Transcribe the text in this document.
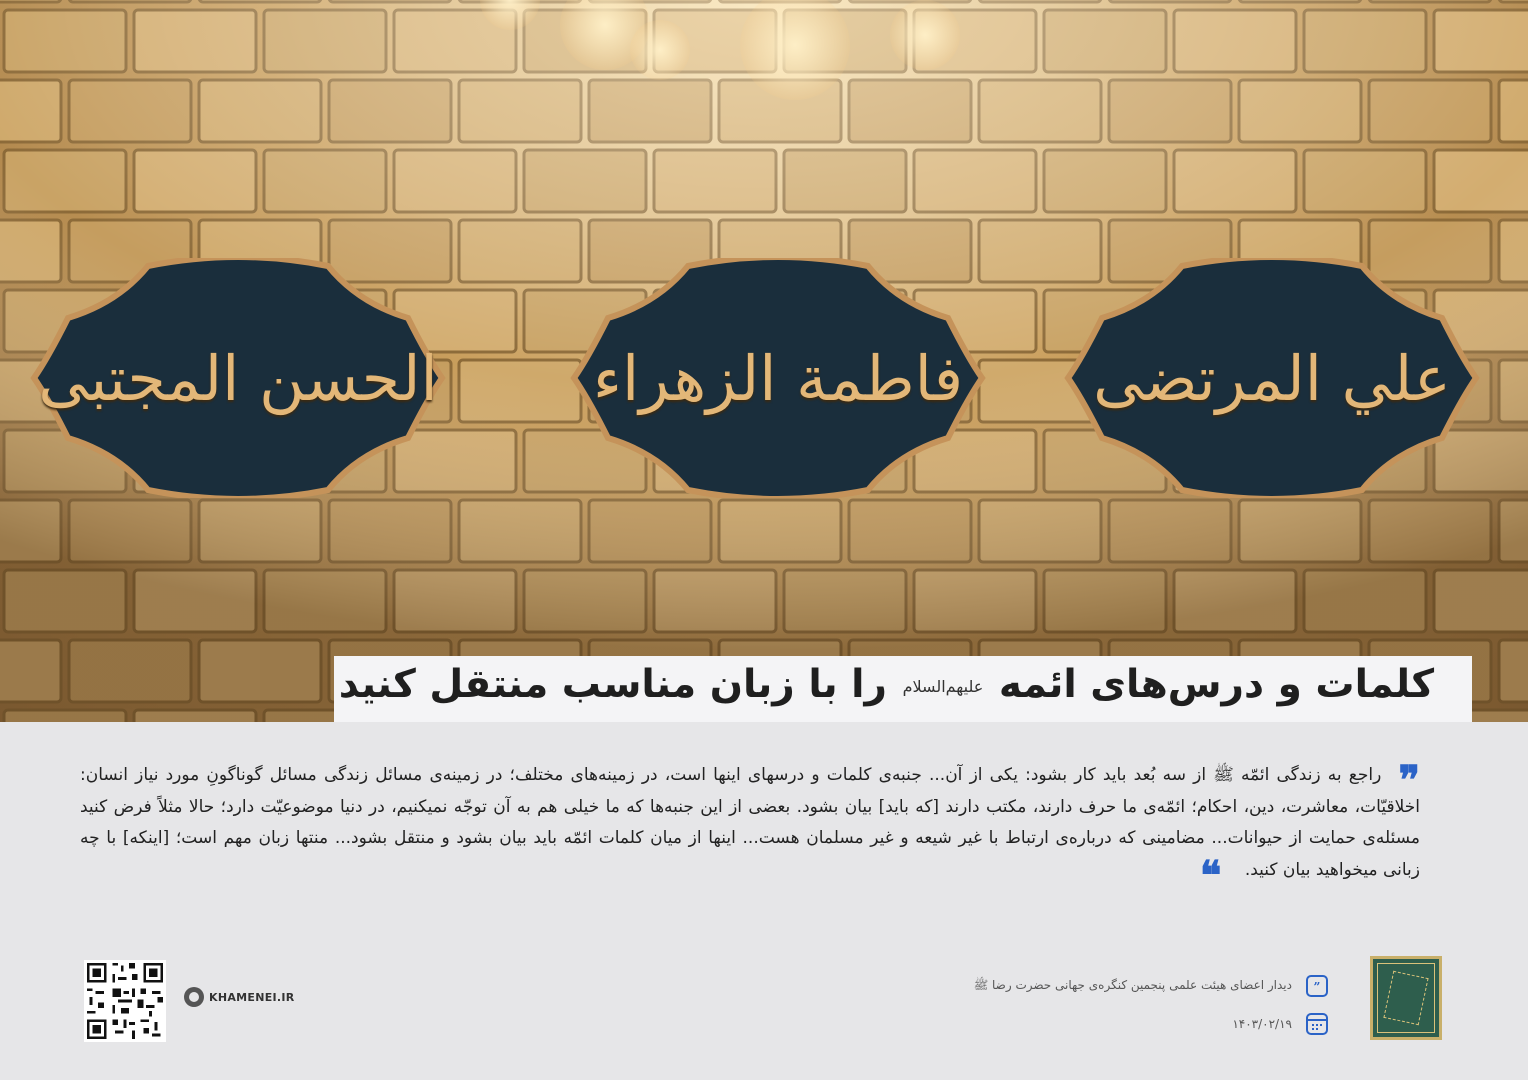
الحسن المجتبى	فاطمة الزهراء	علي المرتضى
کلمات و درس‌های ائمه علیهم‌السلام را با زبان مناسب منتقل کنید
❞ راجع به زندگی ائمّه ﷺ از سه بُعد باید کار بشود: یکی از آن... جنبه‌ی کلمات و درسهای اینها است، در زمینه‌های مختلف؛ در زمینه‌ی مسائل زندگی مسائل گوناگونِ مورد نیاز انسان: اخلاقیّات، معاشرت، دین، احکام؛ ائمّه‌ی ما حرف دارند، مکتب دارند [که باید] بیان بشود. بعضی از این جنبه‌ها که ما خیلی هم به آن توجّه نمیکنیم، در دنیا موضوعیّت دارد؛ حالا مثلاً فرض کنید مسئله‌ی حمایت از حیوانات... مضامینی که درباره‌ی ارتباط با غیر شیعه و غیر مسلمان هست... اینها از میان کلمات ائمّه باید بیان بشود و منتقل بشود... منتها زبان مهم است؛ [اینکه] با چه زبانی میخواهید بیان کنید. ❝
”
دیدار اعضای هیئت علمی پنجمین کنگره‌ی جهانی حضرت رضا ﷺ
۱۴۰۳/۰۲/۱۹
KHAMENEI.IR
